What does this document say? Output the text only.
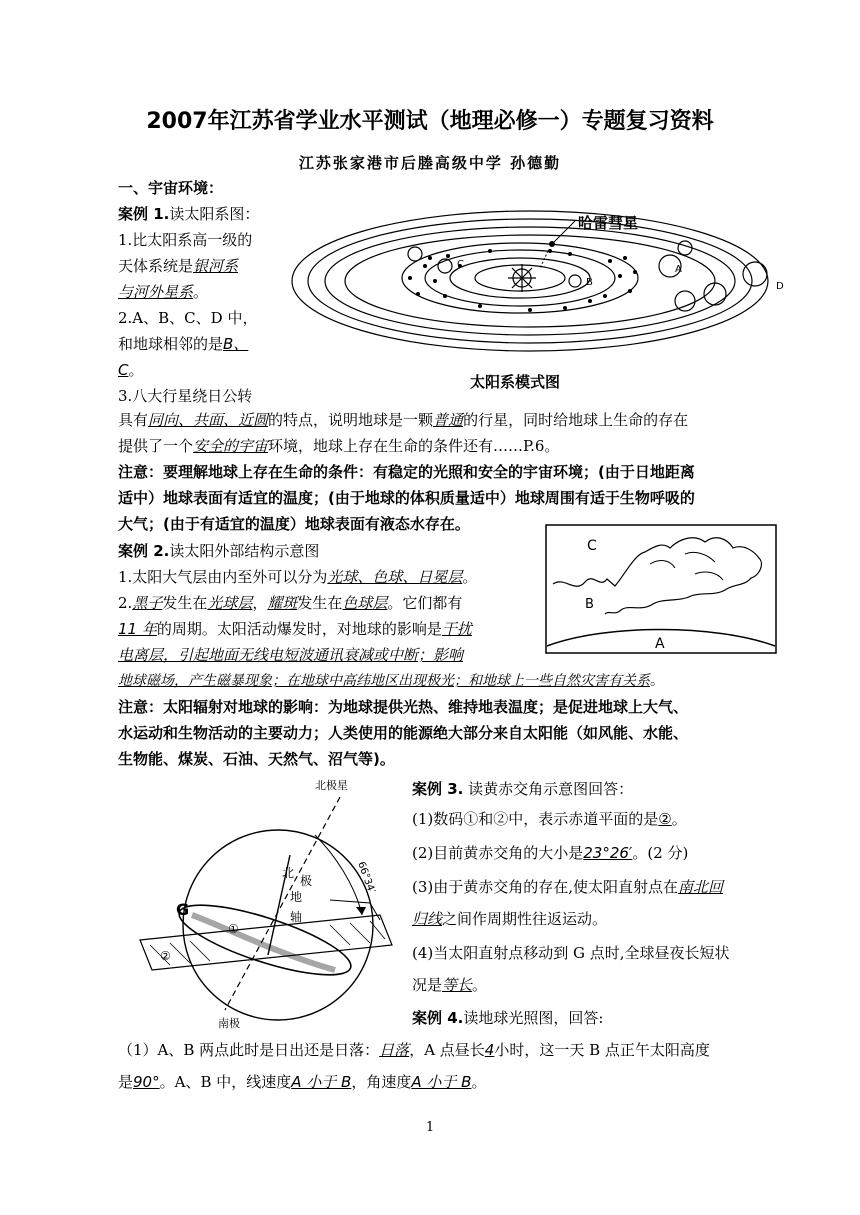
2007年江苏省学业水平测试（地理必修一）专题复习资料
江苏张家港市后塍高级中学 孙德勤
一、宇宙环境：
案例 1.读太阳系图：
1.比太阳系高一级的
天体系统是银河系
与河外星系。
2.A、B、C、D 中，
和地球相邻的是B、
C。
3.八大行星绕日公转
具有同向、共面、近圆的特点，说明地球是一颗普通的行星，同时给地球上生命的存在
提供了一个安全的宇宙环境，地球上存在生命的条件还有……P.6。
注意：要理解地球上存在生命的条件：有稳定的光照和安全的宇宙环境；(由于日地距离
适中）地球表面有适宜的温度；(由于地球的体积质量适中）地球周围有适于生物呼吸的
大气；(由于有适宜的温度）地球表面有液态水存在。
哈雷彗星
C
B
A
D
太阳系模式图
案例 2.读太阳外部结构示意图
1.太阳大气层由内至外可以分为光球、色球、日冕层。
2.黑子发生在光球层，耀斑发生在色球层。它们都有
11 年的周期。太阳活动爆发时，对地球的影响是干扰
电离层，引起地面无线电短波通讯衰减或中断；影响
地球磁场，产生磁暴现象；在地球中高纬地区出现极光；和地球上一些自然灾害有关系。
注意：太阳辐射对地球的影响：为地球提供光热、维持地表温度；是促进地球上大气、
水运动和生物活动的主要动力；人类使用的能源绝大部分来自太阳能（如风能、水能、
生物能、煤炭、石油、天然气、沼气等)。
C
B
A
案例 3. 读黄赤交角示意图回答：
(1)数码①和②中，表示赤道平面的是②。
(2)目前黄赤交角的大小是23°26′。(2 分)
(3)由于黄赤交角的存在,使太阳直射点在南北回
归线之间作周期性往返运动。
(4)当太阳直射点移动到 G 点时,全球昼夜长短状
况是等长。
案例 4.读地球光照图，回答:
（1）A、B 两点此时是日出还是日落：日落，A 点昼长4小时，这一天 B 点正午太阳高度
是90°。A、B 中，线速度A 小于 B，角速度A 小于 B。
北极星
北
极
地
轴
66°34′
G
①
②
南极
1
